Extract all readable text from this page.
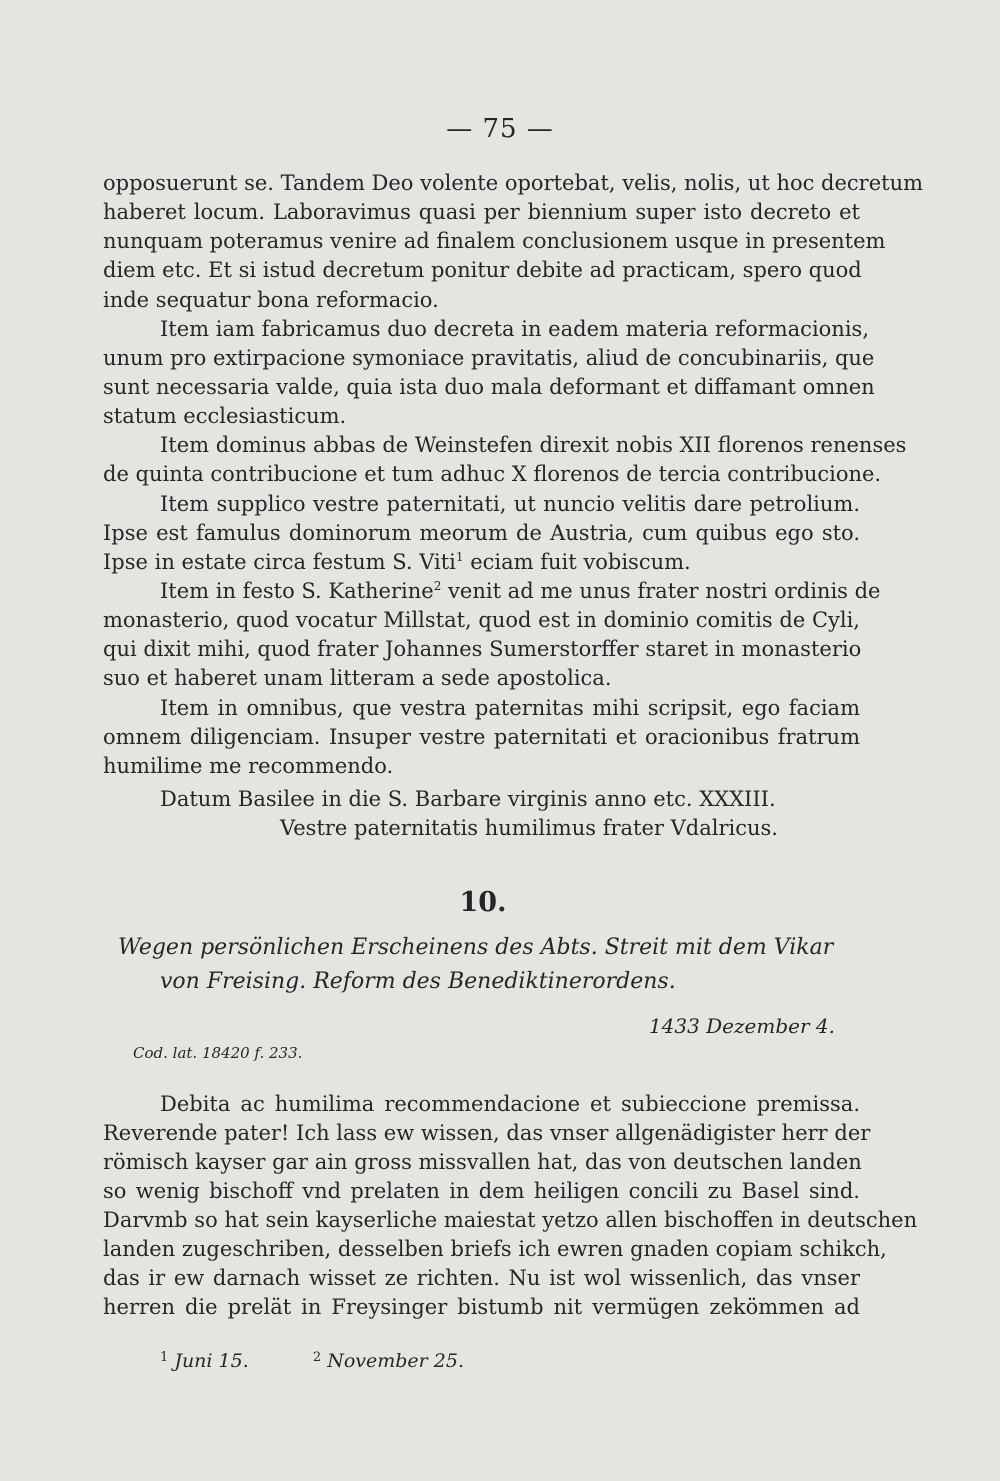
— 75 —
opposuerunt se. Tandem Deo volente oportebat, velis, nolis, ut hoc decretum
haberet locum. Laboravimus quasi per biennium super isto decreto et
nunquam poteramus venire ad finalem conclusionem usque in presentem
diem etc. Et si istud decretum ponitur debite ad practicam, spero quod
inde sequatur bona reformacio.
Item iam fabricamus duo decreta in eadem materia reformacionis,
unum pro extirpacione symoniace pravitatis, aliud de concubinariis, que
sunt necessaria valde, quia ista duo mala deformant et diffamant omnen
statum ecclesiasticum.
Item dominus abbas de Weinstefen direxit nobis XII florenos renenses
de quinta contribucione et tum adhuc X florenos de tercia contribucione.
Item supplico vestre paternitati, ut nuncio velitis dare petrolium.
Ipse est famulus dominorum meorum de Austria, cum quibus ego sto.
Ipse in estate circa festum S. Viti$^1$ eciam fuit vobiscum.
Item in festo S. Katherine$^2$ venit ad me unus frater nostri ordinis de
monasterio, quod vocatur Millstat, quod est in dominio comitis de Cyli,
qui dixit mihi, quod frater Johannes Sumerstorffer staret in monasterio
suo et haberet unam litteram a sede apostolica.
Item in omnibus, que vestra paternitas mihi scripsit, ego faciam
omnem diligenciam. Insuper vestre paternitati et oracionibus fratrum
humilime me recommendo.
Datum Basilee in die S. Barbare virginis anno etc. XXXIII.
Vestre paternitatis humilimus frater Vdalricus.
10.
Wegen persönlichen Erscheinens des Abts. Streit mit dem Vikar
von Freising. Reform des Benediktinerordens.
1433 Dezember 4.
Cod. lat. 18420 f. 233.
Debita ac humilima recommendacione et subieccione premissa.
Reverende pater! Ich lass ew wissen, das vnser allgenädigister herr der
römisch kayser gar ain gross missvallen hat, das von deutschen landen
so wenig bischoff vnd prelaten in dem heiligen concili zu Basel sind.
Darvmb so hat sein kayserliche maiestat yetzo allen bischoffen in deutschen
landen zugeschriben, desselben briefs ich ewren gnaden copiam schikch,
das ir ew darnach wisset ze richten. Nu ist wol wissenlich, das vnser
herren die prelät in Freysinger bistumb nit vermügen zekömmen ad
$^1$ Juni 15.	$^2$ November 25.
